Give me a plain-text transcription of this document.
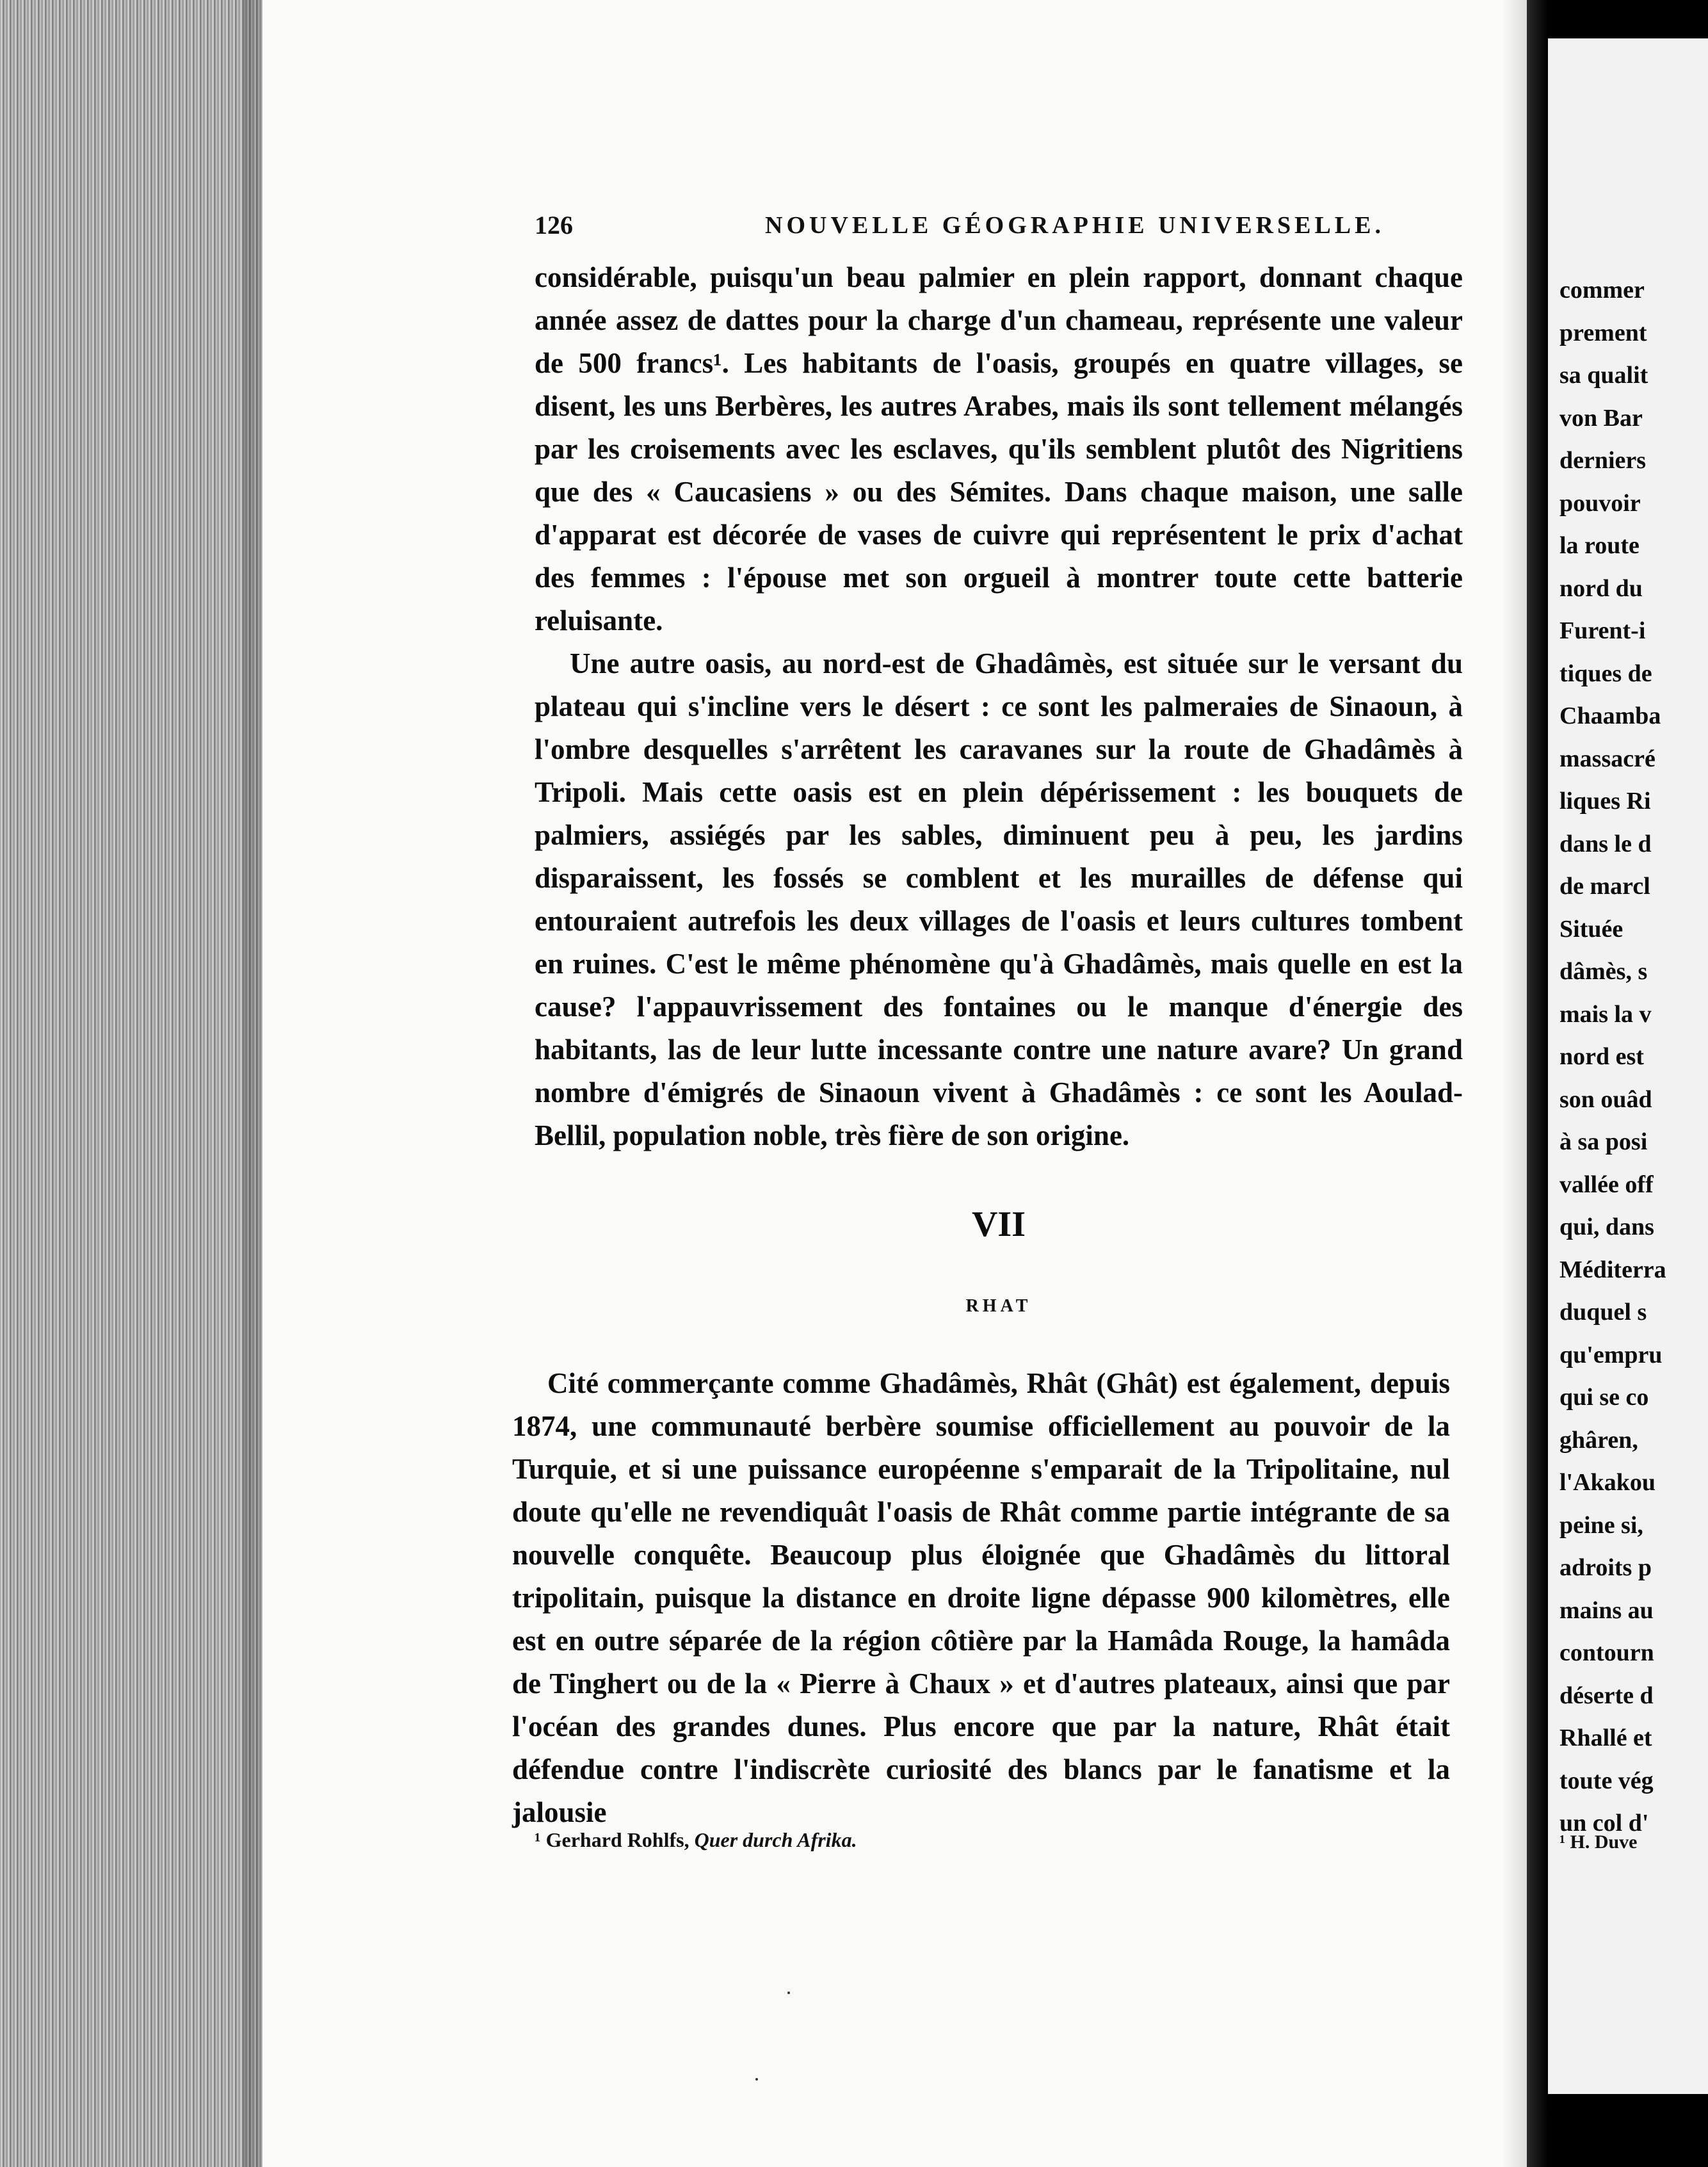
commer
prement
sa qualit
von Bar
derniers
pouvoir
la route
nord du
Furent-i
tiques de
Chaamba
massacré
liques Ri
dans le d
de marcl
Située
dâmès, s
mais la v
nord est
son ouâd
à sa posi
vallée off
qui, dans
Méditerra
duquel s
qu'empru
qui se co
ghâren,
l'Akakou
peine si,
adroits p
mains au
contourn
déserte d
Rhallé et
toute vég
un col d'
¹ H. Duve
126	NOUVELLE GÉOGRAPHIE UNIVERSELLE.

considérable, puisqu'un beau palmier en plein rapport, donnant chaque année assez de dattes pour la charge d'un chameau, représente une valeur de 500 francs¹. Les habitants de l'oasis, groupés en quatre villages, se disent, les uns Berbères, les autres Arabes, mais ils sont tellement mélangés par les croisements avec les esclaves, qu'ils semblent plutôt des Nigritiens que des « Caucasiens » ou des Sémites. Dans chaque maison, une salle d'apparat est décorée de vases de cuivre qui représentent le prix d'achat des femmes : l'épouse met son orgueil à montrer toute cette batterie reluisante.

Une autre oasis, au nord-est de Ghadâmès, est située sur le versant du plateau qui s'incline vers le désert : ce sont les palmeraies de Sinaoun, à l'ombre desquelles s'arrêtent les caravanes sur la route de Ghadâmès à Tripoli. Mais cette oasis est en plein dépérissement : les bouquets de palmiers, assiégés par les sables, diminuent peu à peu, les jardins disparaissent, les fossés se comblent et les murailles de défense qui entouraient autrefois les deux villages de l'oasis et leurs cultures tombent en ruines. C'est le même phénomène qu'à Ghadâmès, mais quelle en est la cause? l'appauvrissement des fontaines ou le manque d'énergie des habitants, las de leur lutte incessante contre une nature avare? Un grand nombre d'émigrés de Sinaoun vivent à Ghadâmès : ce sont les Aoulad-Bellil, population noble, très fière de son origine.

VII
RHAT

Cité commerçante comme Ghadâmès, Rhât (Ghât) est également, depuis 1874, une communauté berbère soumise officiellement au pouvoir de la Turquie, et si une puissance européenne s'emparait de la Tripolitaine, nul doute qu'elle ne revendiquât l'oasis de Rhât comme partie intégrante de sa nouvelle conquête. Beaucoup plus éloignée que Ghadâmès du littoral tripolitain, puisque la distance en droite ligne dépasse 900 kilomètres, elle est en outre séparée de la région côtière par la Hamâda Rouge, la hamâda de Tinghert ou de la « Pierre à Chaux » et d'autres plateaux, ainsi que par l'océan des grandes dunes. Plus encore que par la nature, Rhât était défendue contre l'indiscrète curiosité des blancs par le fanatisme et la jalousie

¹ Gerhard Rohlfs, Quer durch Afrika.
